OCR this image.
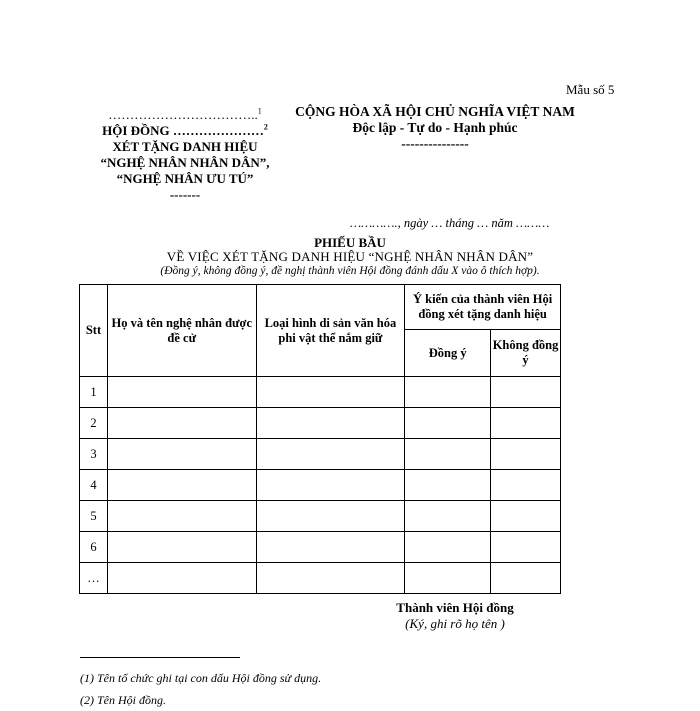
Mẫu số 5
……………………………..$^1$
HỘI ĐỒNG …………………$^2$
XÉT TẶNG DANH HIỆU
“NGHỆ NHÂN NHÂN DÂN”,
“NGHỆ NHÂN ƯU TÚ”
-------
CỘNG HÒA XÃ HỘI CHỦ NGHĨA VIỆT NAM
Độc lập - Tự do - Hạnh phúc
---------------
…………., ngày … tháng … năm ………
PHIẾU BẦU
VỀ VIỆC XÉT TẶNG DANH HIỆU “NGHỆ NHÂN NHÂN DÂN”
(Đồng ý, không đồng ý, đề nghị thành viên Hội đồng đánh dấu X vào ô thích hợp).
Stt	Họ và tên nghệ nhân được đề cử	Loại hình di sản văn hóa phi vật thể nắm giữ	Ý kiến của thành viên Hội đồng xét tặng danh hiệu	
			Đồng ý	Không đồng ý
1				
2				
3				
4				
5				
6				
…				
Thành viên Hội đồng
(Ký, ghi rõ họ tên )
(1) Tên tổ chức ghi tại con dấu Hội đồng sử dụng.
(2) Tên Hội đồng.
